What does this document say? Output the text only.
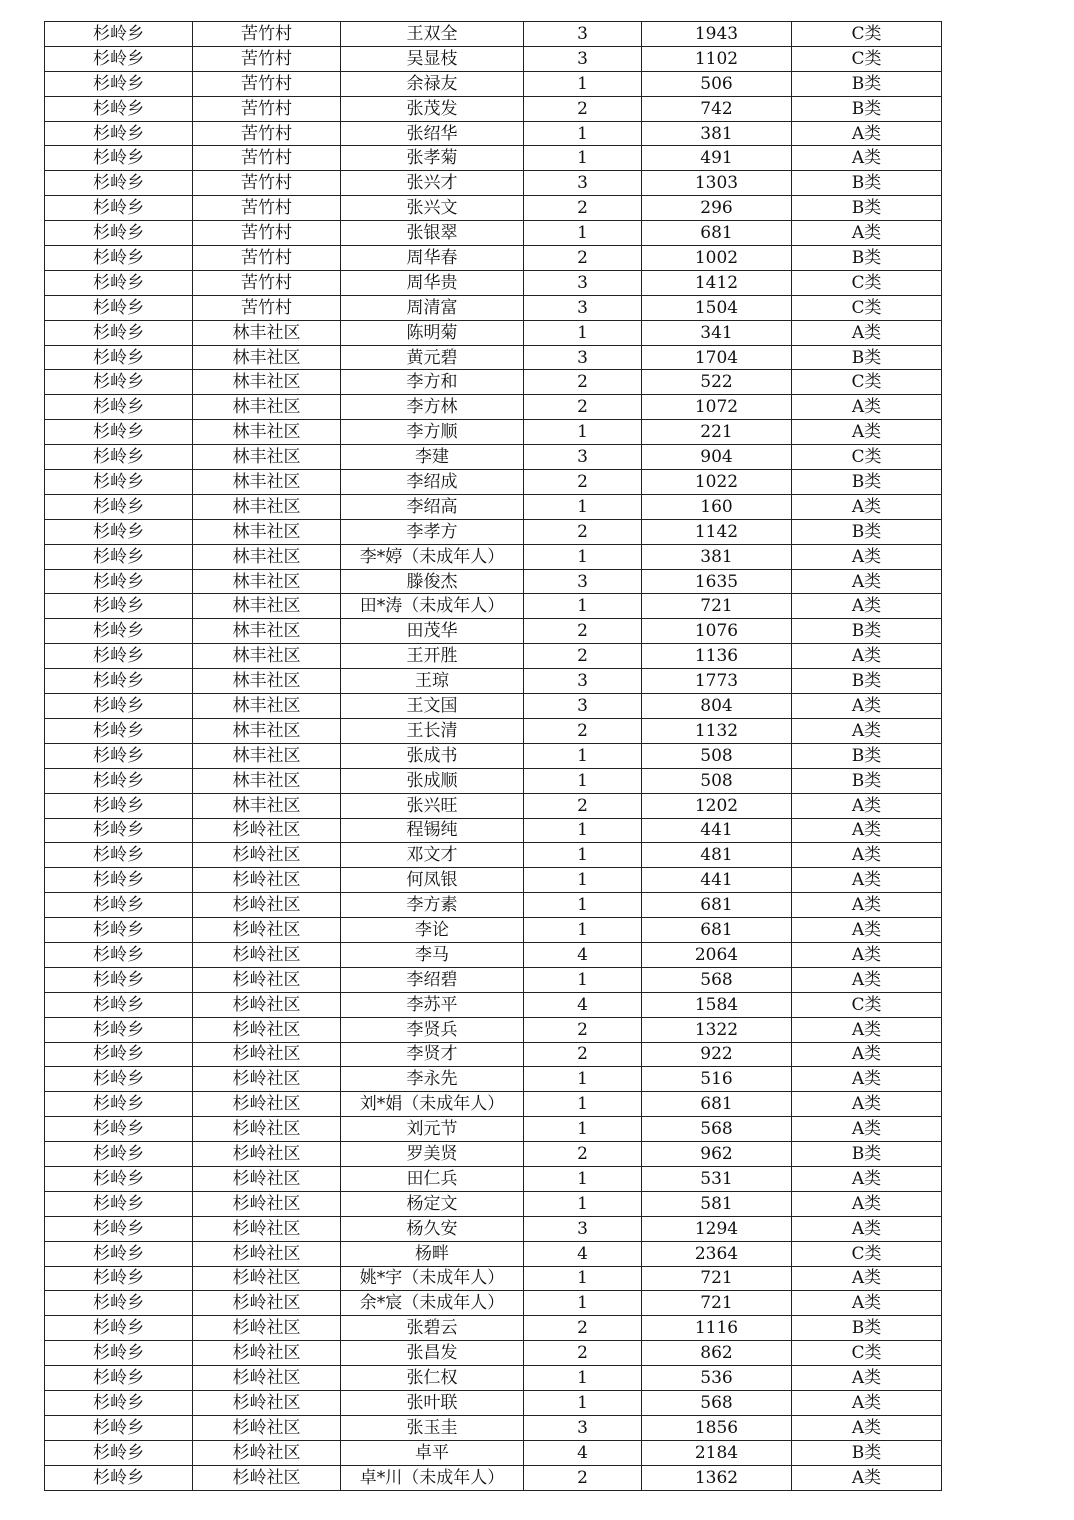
杉岭乡	苦竹村	王双全	3	1943	C类
杉岭乡	苦竹村	吴显枝	3	1102	C类
杉岭乡	苦竹村	余禄友	1	506	B类
杉岭乡	苦竹村	张茂发	2	742	B类
杉岭乡	苦竹村	张绍华	1	381	A类
杉岭乡	苦竹村	张孝菊	1	491	A类
杉岭乡	苦竹村	张兴才	3	1303	B类
杉岭乡	苦竹村	张兴文	2	296	B类
杉岭乡	苦竹村	张银翠	1	681	A类
杉岭乡	苦竹村	周华春	2	1002	B类
杉岭乡	苦竹村	周华贵	3	1412	C类
杉岭乡	苦竹村	周清富	3	1504	C类
杉岭乡	林丰社区	陈明菊	1	341	A类
杉岭乡	林丰社区	黄元碧	3	1704	B类
杉岭乡	林丰社区	李方和	2	522	C类
杉岭乡	林丰社区	李方林	2	1072	A类
杉岭乡	林丰社区	李方顺	1	221	A类
杉岭乡	林丰社区	李建	3	904	C类
杉岭乡	林丰社区	李绍成	2	1022	B类
杉岭乡	林丰社区	李绍高	1	160	A类
杉岭乡	林丰社区	李孝方	2	1142	B类
杉岭乡	林丰社区	李*婷（未成年人）	1	381	A类
杉岭乡	林丰社区	滕俊杰	3	1635	A类
杉岭乡	林丰社区	田*涛（未成年人）	1	721	A类
杉岭乡	林丰社区	田茂华	2	1076	B类
杉岭乡	林丰社区	王开胜	2	1136	A类
杉岭乡	林丰社区	王琼	3	1773	B类
杉岭乡	林丰社区	王文国	3	804	A类
杉岭乡	林丰社区	王长清	2	1132	A类
杉岭乡	林丰社区	张成书	1	508	B类
杉岭乡	林丰社区	张成顺	1	508	B类
杉岭乡	林丰社区	张兴旺	2	1202	A类
杉岭乡	杉岭社区	程锡纯	1	441	A类
杉岭乡	杉岭社区	邓文才	1	481	A类
杉岭乡	杉岭社区	何凤银	1	441	A类
杉岭乡	杉岭社区	李方素	1	681	A类
杉岭乡	杉岭社区	李论	1	681	A类
杉岭乡	杉岭社区	李马	4	2064	A类
杉岭乡	杉岭社区	李绍碧	1	568	A类
杉岭乡	杉岭社区	李苏平	4	1584	C类
杉岭乡	杉岭社区	李贤兵	2	1322	A类
杉岭乡	杉岭社区	李贤才	2	922	A类
杉岭乡	杉岭社区	李永先	1	516	A类
杉岭乡	杉岭社区	刘*娟（未成年人）	1	681	A类
杉岭乡	杉岭社区	刘元节	1	568	A类
杉岭乡	杉岭社区	罗美贤	2	962	B类
杉岭乡	杉岭社区	田仁兵	1	531	A类
杉岭乡	杉岭社区	杨定文	1	581	A类
杉岭乡	杉岭社区	杨久安	3	1294	A类
杉岭乡	杉岭社区	杨畔	4	2364	C类
杉岭乡	杉岭社区	姚*宇（未成年人）	1	721	A类
杉岭乡	杉岭社区	余*宸（未成年人）	1	721	A类
杉岭乡	杉岭社区	张碧云	2	1116	B类
杉岭乡	杉岭社区	张昌发	2	862	C类
杉岭乡	杉岭社区	张仁权	1	536	A类
杉岭乡	杉岭社区	张叶联	1	568	A类
杉岭乡	杉岭社区	张玉圭	3	1856	A类
杉岭乡	杉岭社区	卓平	4	2184	B类
杉岭乡	杉岭社区	卓*川（未成年人）	2	1362	A类
